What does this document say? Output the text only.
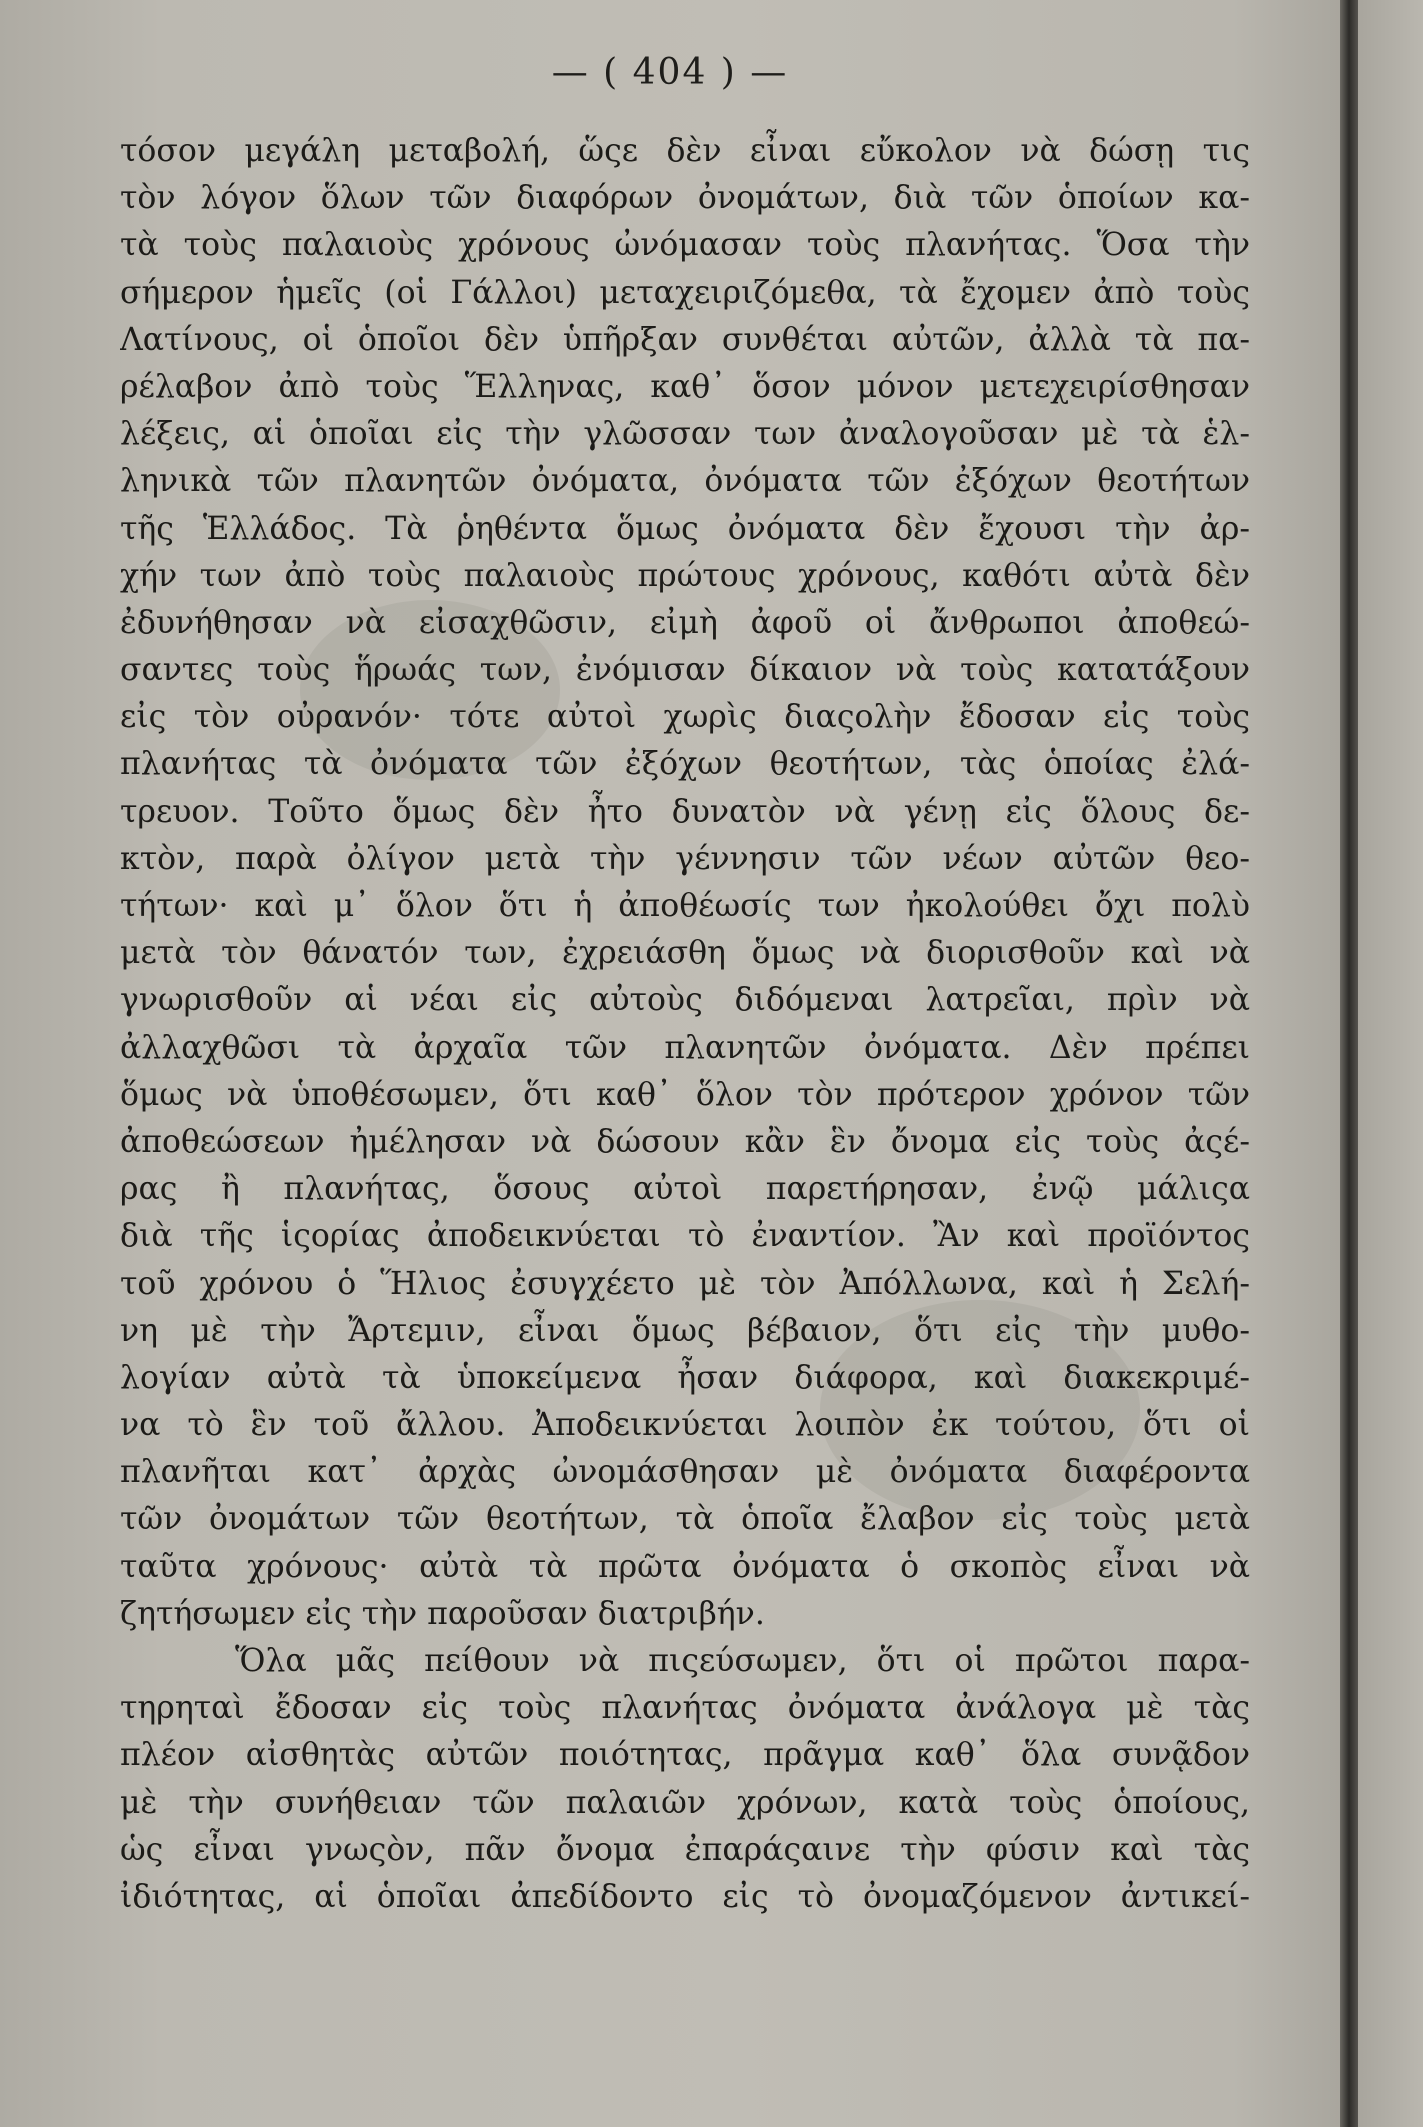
— ( 404 ) —
τόσον μεγάλη μεταβολή, ὥςε δὲν εἶναι εὔκολον νὰ δώσῃ τις
τὸν λόγον ὅλων τῶν διαφόρων ὀνομάτων, διὰ τῶν ὁποίων κα-
τὰ τοὺς παλαιοὺς χρόνους ὠνόμασαν τοὺς πλανήτας. Ὅσα τὴν
σήμερον ἡμεῖς (οἱ Γάλλοι) μεταχειριζόμεθα, τὰ ἔχομεν ἀπὸ τοὺς
Λατίνους, οἱ ὁποῖοι δὲν ὑπῆρξαν συνθέται αὐτῶν, ἀλλὰ τὰ πα-
ρέλαβον ἀπὸ τοὺς Ἕλληνας, καθ᾿ ὅσον μόνον μετεχειρίσθησαν
λέξεις, αἱ ὁποῖαι εἰς τὴν γλῶσσαν των ἀναλογοῦσαν μὲ τὰ ἑλ-
ληνικὰ τῶν πλανητῶν ὀνόματα, ὀνόματα τῶν ἐξόχων θεοτήτων
τῆς Ἑλλάδος. Τὰ ῥηθέντα ὅμως ὀνόματα δὲν ἔχουσι τὴν ἀρ-
χήν των ἀπὸ τοὺς παλαιοὺς πρώτους χρόνους, καθότι αὐτὰ δὲν
ἐδυνήθησαν νὰ εἰσαχθῶσιν, εἰμὴ ἀφοῦ οἱ ἄνθρωποι ἀποθεώ-
σαντες τοὺς ἥρωάς των, ἐνόμισαν δίκαιον νὰ τοὺς κατατάξουν
εἰς τὸν οὐρανόν· τότε αὐτοὶ χωρὶς διαςολὴν ἔδοσαν εἰς τοὺς
πλανήτας τὰ ὀνόματα τῶν ἐξόχων θεοτήτων, τὰς ὁποίας ἐλά-
τρευον. Τοῦτο ὅμως δὲν ἦτο δυνατὸν νὰ γένῃ εἰς ὅλους δε-
κτὸν, παρὰ ὀλίγον μετὰ τὴν γέννησιν τῶν νέων αὐτῶν θεο-
τήτων· καὶ μ᾿ ὅλον ὅτι ἡ ἀποθέωσίς των ἠκολούθει ὄχι πολὺ
μετὰ τὸν θάνατόν των, ἐχρειάσθη ὅμως νὰ διορισθοῦν καὶ νὰ
γνωρισθοῦν αἱ νέαι εἰς αὐτοὺς διδόμεναι λατρεῖαι, πρὶν νὰ
ἀλλαχθῶσι τὰ ἀρχαῖα τῶν πλανητῶν ὀνόματα. Δὲν πρέπει
ὅμως νὰ ὑποθέσωμεν, ὅτι καθ᾿ ὅλον τὸν πρότερον χρόνον τῶν
ἀποθεώσεων ἠμέλησαν νὰ δώσουν κἂν ἓν ὄνομα εἰς τοὺς ἀςέ-
ρας ἢ πλανήτας, ὅσους αὐτοὶ παρετήρησαν, ἐνῷ μάλιςα
διὰ τῆς ἱςορίας ἀποδεικνύεται τὸ ἐναντίον. Ἂν καὶ προϊόντος
τοῦ χρόνου ὁ Ἥλιος ἐσυγχέετο μὲ τὸν Ἀπόλλωνα, καὶ ἡ Σελή-
νη μὲ τὴν Ἄρτεμιν, εἶναι ὅμως βέβαιον, ὅτι εἰς τὴν μυθο-
λογίαν αὐτὰ τὰ ὑποκείμενα ἦσαν διάφορα, καὶ διακεκριμέ-
να τὸ ἓν τοῦ ἄλλου. Ἀποδεικνύεται λοιπὸν ἐκ τούτου, ὅτι οἱ
πλανῆται κατ᾿ ἀρχὰς ὠνομάσθησαν μὲ ὀνόματα διαφέροντα
τῶν ὀνομάτων τῶν θεοτήτων, τὰ ὁποῖα ἔλαβον εἰς τοὺς μετὰ
ταῦτα χρόνους· αὐτὰ τὰ πρῶτα ὀνόματα ὁ σκοπὸς εἶναι νὰ
ζητήσωμεν εἰς τὴν παροῦσαν διατριβήν.
Ὅλα μᾶς πείθουν νὰ πιςεύσωμεν, ὅτι οἱ πρῶτοι παρα-
τηρηταὶ ἔδοσαν εἰς τοὺς πλανήτας ὀνόματα ἀνάλογα μὲ τὰς
πλέον αἰσθητὰς αὐτῶν ποιότητας, πρᾶγμα καθ᾿ ὅλα συνᾷδον
μὲ τὴν συνήθειαν τῶν παλαιῶν χρόνων, κατὰ τοὺς ὁποίους,
ὡς εἶναι γνωςὸν, πᾶν ὄνομα ἐπαράςαινε τὴν φύσιν καὶ τὰς
ἰδιότητας, αἱ ὁποῖαι ἀπεδίδοντο εἰς τὸ ὀνομαζόμενον ἀντικεί-
